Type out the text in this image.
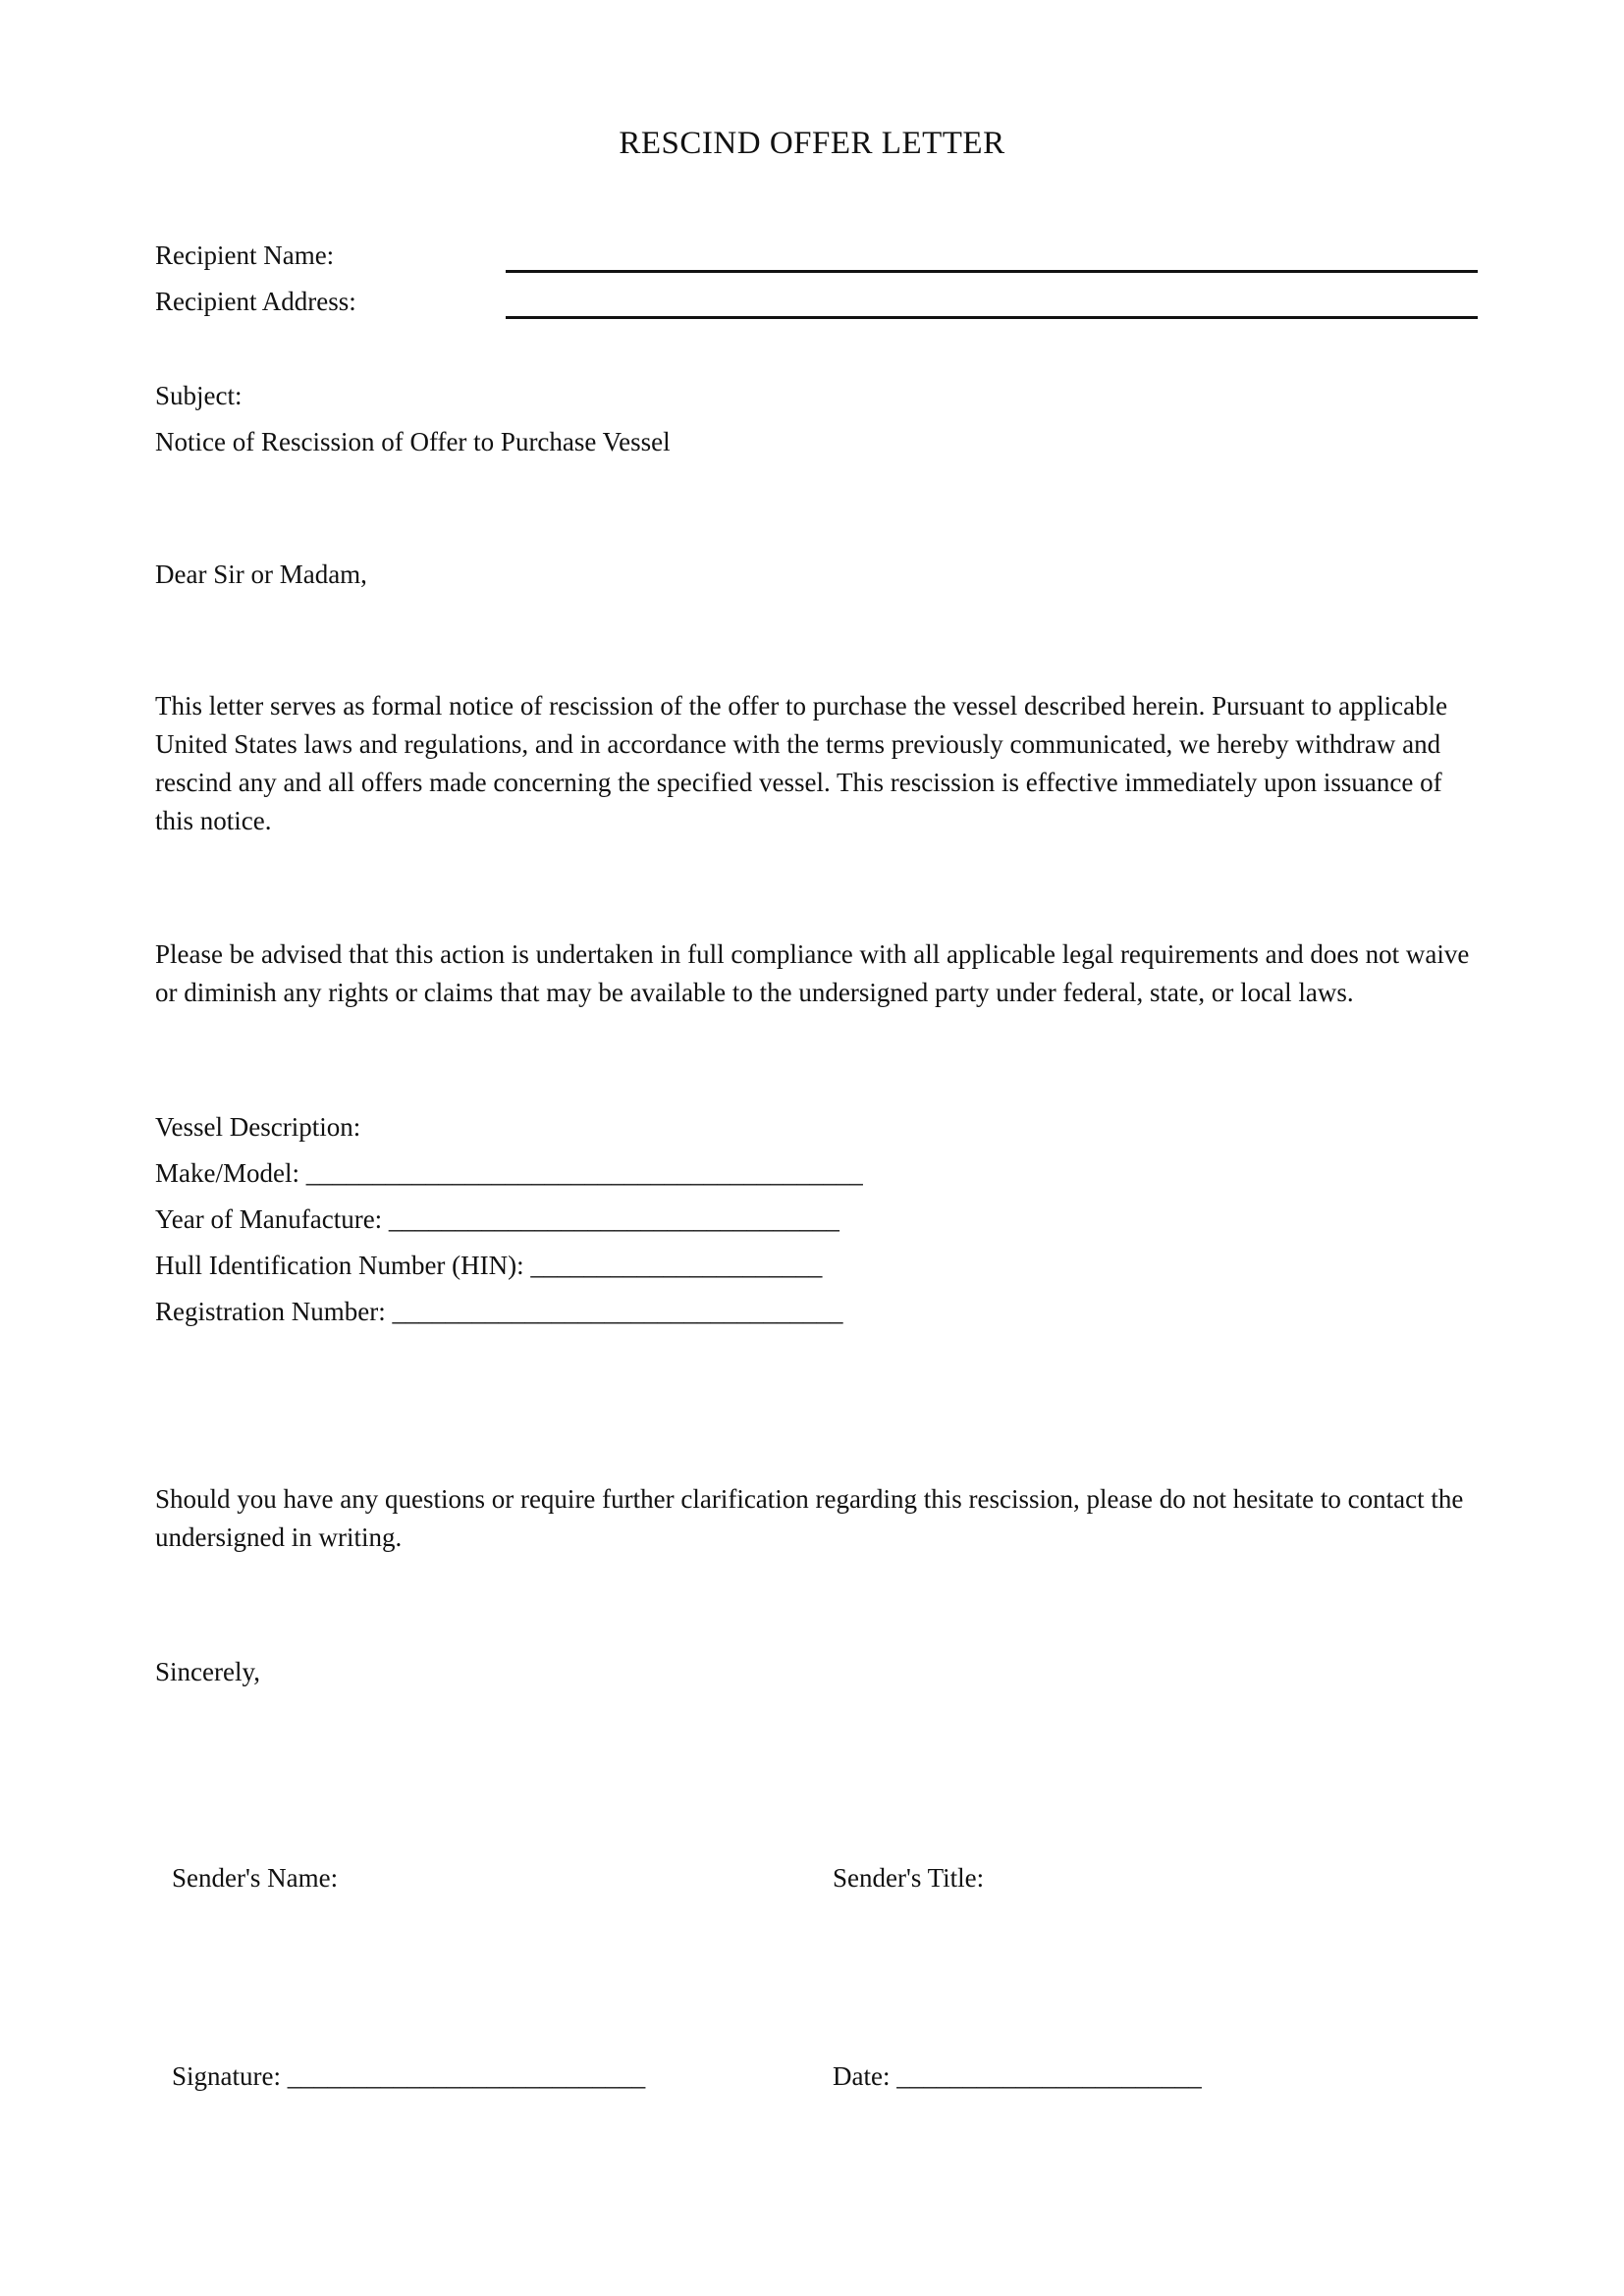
RESCIND OFFER LETTER
Recipient Name:
Recipient Address:
Subject:
Notice of Rescission of Offer to Purchase Vessel
Dear Sir or Madam,
This letter serves as formal notice of rescission of the offer to purchase the vessel described herein. Pursuant to applicable United States laws and regulations, and in accordance with the terms previously communicated, we hereby withdraw and rescind any and all offers made concerning the specified vessel. This rescission is effective immediately upon issuance of this notice.
Please be advised that this action is undertaken in full compliance with all applicable legal requirements and does not waive or diminish any rights or claims that may be available to the undersigned party under federal, state, or local laws.
Vessel Description:
Make/Model: __________________________________________
Year of Manufacture: __________________________________
Hull Identification Number (HIN): ______________________
Registration Number: __________________________________
Should you have any questions or require further clarification regarding this rescission, please do not hesitate to contact the undersigned in writing.
Sincerely,
Sender's Name:	Sender's Title:
Signature: ___________________________	Date: _______________________
